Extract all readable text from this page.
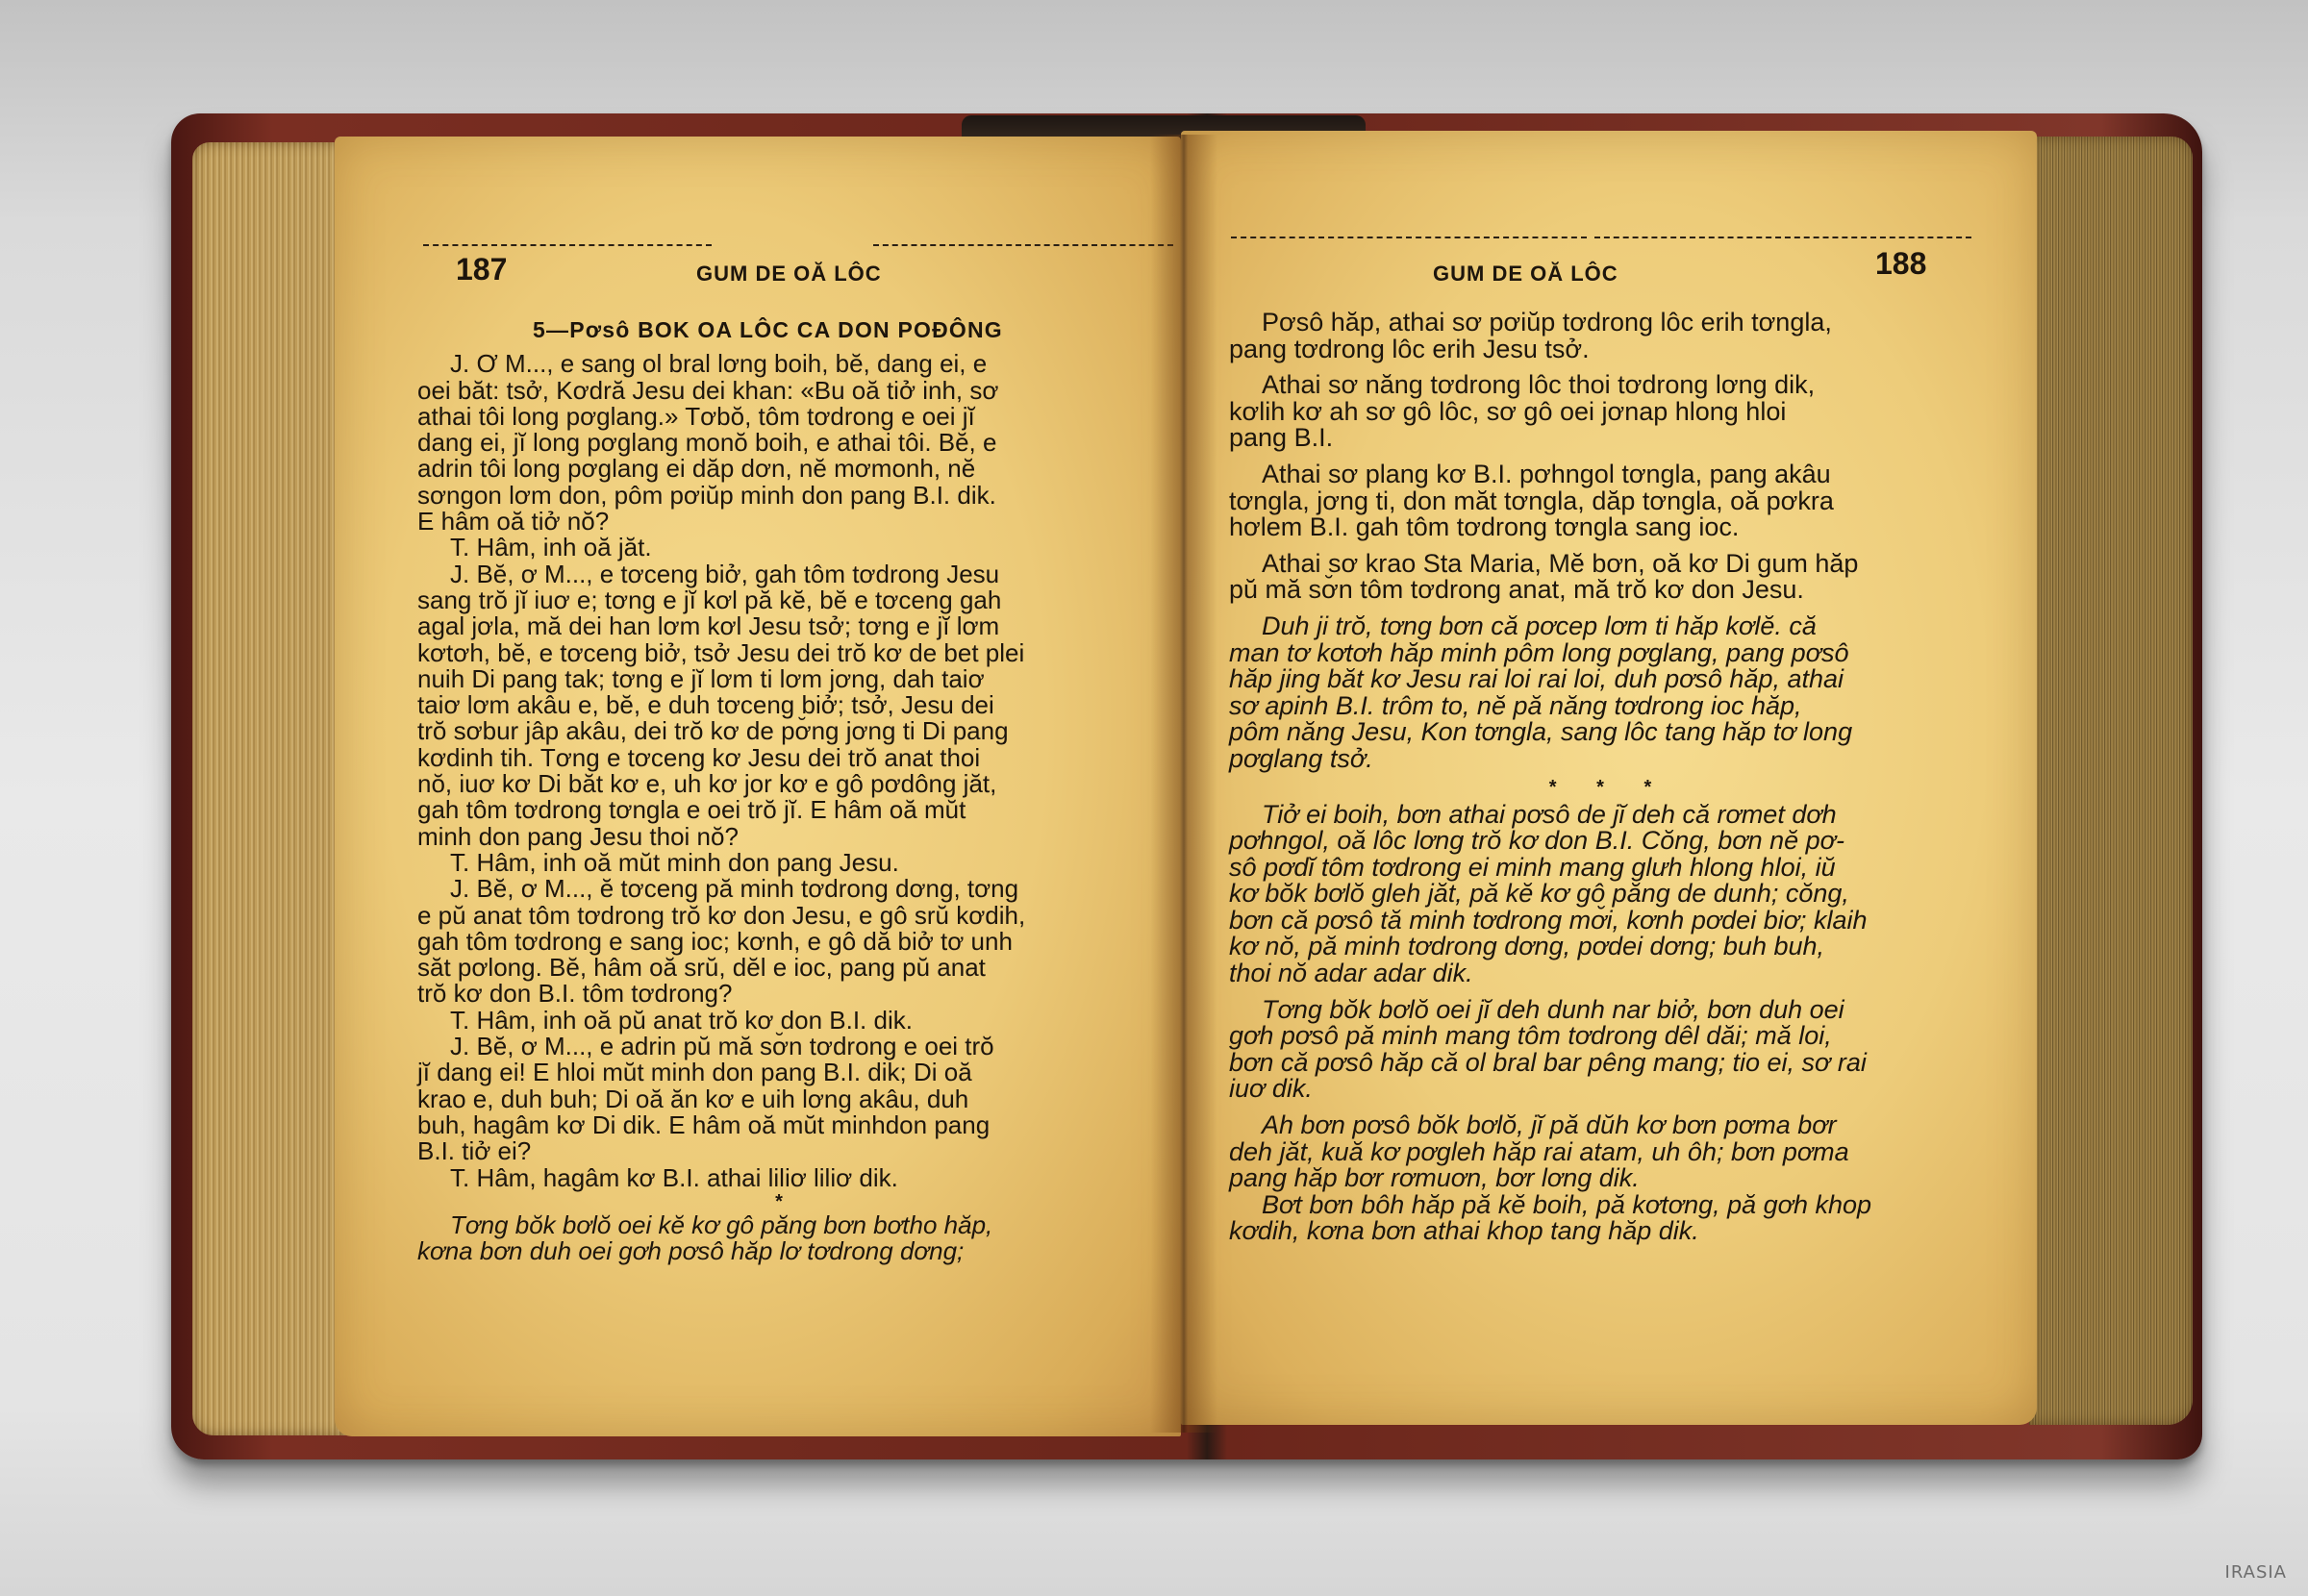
187	GUM DE OĂ LÔC
5—Pơsô BOK OA LÔC CA DON POĐÔNG
J. Ơ M..., e sang ol bral lơng boih, bĕ, dang ei, e
oei băt: tsở, Kơdră Jesu dei khan: «Bu oă tiở inh, sơ
athai tôi long pơglang.» Tơbŏ, tôm tơdrong e oei jĭ
dang ei, jĭ long pơglang monŏ boih, e athai tôi. Bĕ, e
adrin tôi long pơglang ei dăp dơn, nĕ mơmonh, nĕ
sơngon lơm don, pôm pơiŭp minh don pang B.I. dik.
E hâm oă tiở nŏ?
T. Hâm, inh oă jăt.
J. Bĕ, ơ M..., e tơceng biở, gah tôm tơdrong Jesu
sang trŏ jĭ iuơ e; tơng e jĭ kơl pă kĕ, bĕ e tơceng gah
agal jơla, mă dei han lơm kơl Jesu tsở; tơng e jĭ lơm
kơtơh, bĕ, e tơceng biở, tsở Jesu dei trŏ kơ de bet plei
nuih Di pang tak; tơng e jĭ lơm ti lơm jơng, dah taiơ
taiơ lơm akâu e, bĕ, e duh tơceng biở; tsở, Jesu dei
trŏ sơbur jâp akâu, dei trŏ kơ de pơ̆ng jơng ti Di pang
kơdinh tih. Tơng e tơceng kơ Jesu dei trŏ anat thoi
nŏ, iuơ kơ Di băt kơ e, uh kơ jor kơ e gô pơdông jăt,
gah tôm tơdrong tơngla e oei trŏ jĭ. E hâm oă mŭt
minh don pang Jesu thoi nŏ?
T. Hâm, inh oă mŭt minh don pang Jesu.
J. Bĕ, ơ M..., ĕ tơceng pă minh tơdrong dơng, tơng
e pŭ anat tôm tơdrong trŏ kơ don Jesu, e gô srŭ kơdih,
gah tôm tơdrong e sang ioc; kơnh, e gô dă biở tơ unh
săt pơlong. Bĕ, hâm oă srŭ, dĕl e ioc, pang pŭ anat
trŏ kơ don B.I. tôm tơdrong?
T. Hâm, inh oă pŭ anat trŏ kơ don B.I. dik.
J. Bĕ, ơ M..., e adrin pŭ mă sơ̆n tơdrong e oei trŏ
jĭ dang ei! E hloi mŭt minh don pang B.I. dik; Di oă
krao e, duh buh; Di oă ăn kơ e uih lơng akâu, duh
buh, hagâm kơ Di dik. E hâm oă mŭt minhdon pang
B.I. tiở ei?
T. Hâm, hagâm kơ B.I. athai liliơ liliơ dik.
*
Tơng bŏk bơlŏ oei kĕ kơ gô păng bơn bơtho hăp,
kơna bơn duh oei gơh pơsô hăp lơ tơdrong dơng;
GUM DE OĂ LÔC	188
Pơsô hăp, athai sơ pơiŭp tơdrong lôc erih tơngla,
pang tơdrong lôc erih Jesu tsở.
Athai sơ năng tơdrong lôc thoi tơdrong lơng dik,
kơlih kơ ah sơ gô lôc, sơ gô oei jơnap hlong hloi
pang B.I.
Athai sơ plang kơ B.I. pơhngol tơngla, pang akâu
tơngla, jơng ti, don măt tơngla, dăp tơngla, oă pơkra
hơlem B.I. gah tôm tơdrong tơngla sang ioc.
Athai sơ krao Sta Maria, Mĕ bơn, oă kơ Di gum hăp
pŭ mă sơ̆n tôm tơdrong anat, mă trŏ kơ don Jesu.
Duh ji trŏ, tơng bơn că pơcep lơm ti hăp kơlĕ. că
man tơ kơtơh hăp minh pôm long pơglang, pang pơsô
hăp jing băt kơ Jesu rai loi rai loi, duh pơsô hăp, athai
sơ apinh B.I. trôm to, nĕ pă năng tơdrong ioc hăp,
pôm năng Jesu, Kon tơngla, sang lôc tang hăp tơ long
pơglang tsở.
* * *
Tiở ei boih, bơn athai pơsô de jĭ deh că rơmet dơh
pơhngol, oă lôc lơng trŏ kơ don B.I. Cŏng, bơn nĕ pơ-
sô pơdĭ tôm tơdrong ei minh mang glưh hlong hloi, iŭ
kơ bŏk bơlŏ gleh jăt, pă kĕ kơ gô păng de dunh; cŏng,
bơn că pơsô tă minh tơdrong mơ̆i, kơnh pơdei biơ; klaih
kơ nŏ, pă minh tơdrong dơng, pơdei dơng; buh buh,
thoi nŏ adar adar dik.
Tơng bŏk bơlŏ oei jĭ deh dunh nar biở, bơn duh oei
gơh pơsô pă minh mang tôm tơdrong dêl dăi; mă loi,
bơn că pơsô hăp că ol bral bar pêng mang; tio ei, sơ rai
iuơ dik.
Ah bơn pơsô bŏk bơlŏ, jĭ pă dŭh kơ bơn pơma bơr
deh jăt, kuă kơ pơgleh hăp rai atam, uh ôh; bơn pơma
pang hăp bơr rơmuơn, bơr lơng dik.
Bơt bơn bôh hăp pă kĕ boih, pă kơtơng, pă gơh khop
kơdih, kơna bơn athai khop tang hăp dik.
IRASIA
